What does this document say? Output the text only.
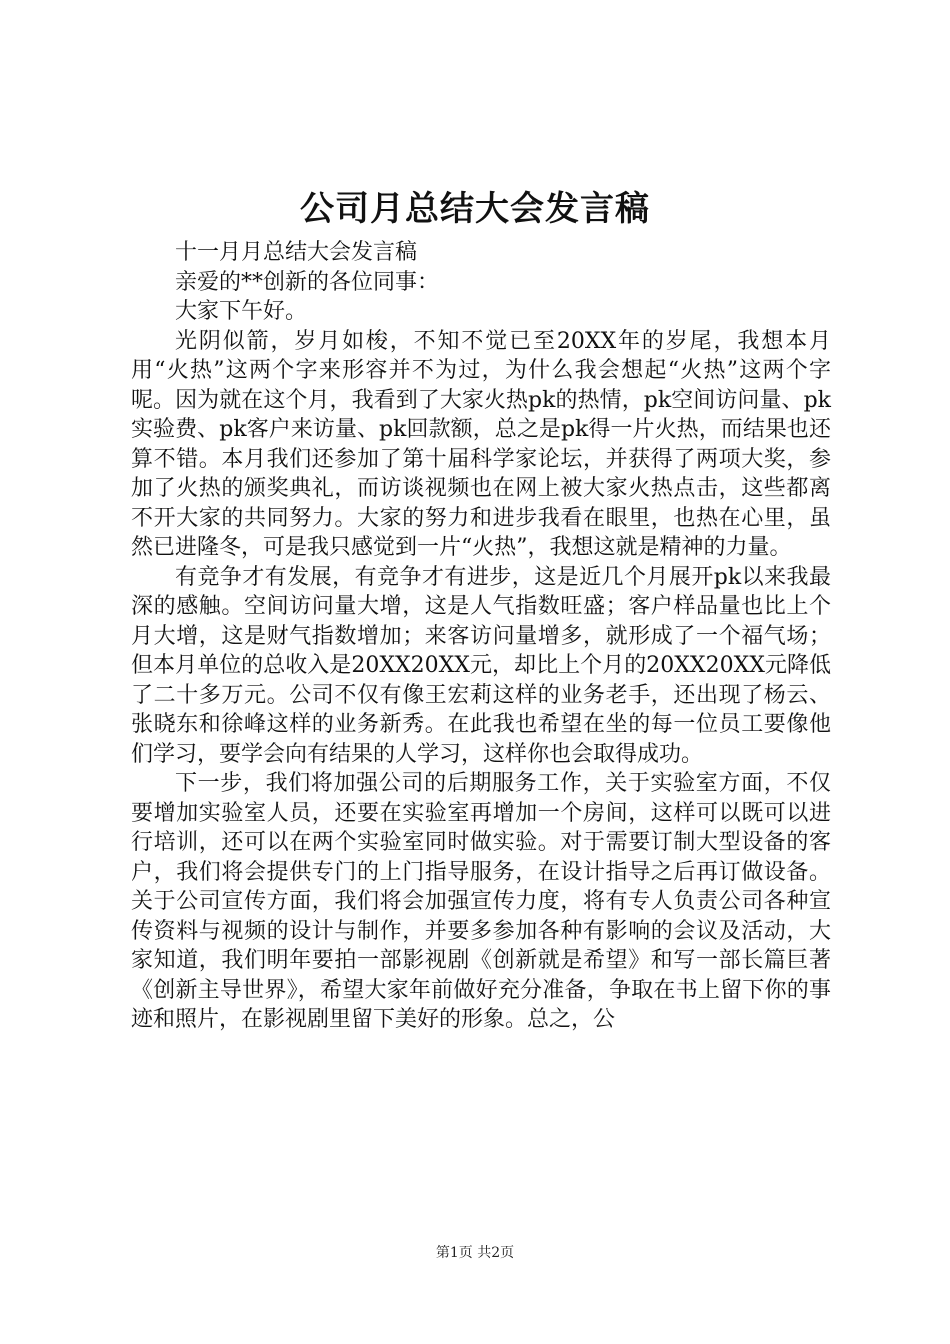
公司月总结大会发言稿

十一月月总结大会发言稿

亲爱的**创新的各位同事：

大家下午好。

光阴似箭，岁月如梭，不知不觉已至20XX年的岁尾，我想本月用“火热”这两个字来形容并不为过，为什么我会想起“火热”这两个字呢。因为就在这个月，我看到了大家火热pk的热情，pk空间访问量、pk实验费、pk客户来访量、pk回款额，总之是pk得一片火热，而结果也还算不错。本月我们还参加了第十届科学家论坛，并获得了两项大奖，参加了火热的颁奖典礼，而访谈视频也在网上被大家火热点击，这些都离不开大家的共同努力。大家的努力和进步我看在眼里，也热在心里，虽然已进隆冬，可是我只感觉到一片“火热”，我想这就是精神的力量。

有竞争才有发展，有竞争才有进步，这是近几个月展开pk以来我最深的感触。空间访问量大增，这是人气指数旺盛；客户样品量也比上个月大增，这是财气指数增加；来客访问量增多，就形成了一个福气场；但本月单位的总收入是20XX20XX元，却比上个月的20XX20XX元降低了二十多万元。公司不仅有像王宏莉这样的业务老手，还出现了杨云、张晓东和徐峰这样的业务新秀。在此我也希望在坐的每一位员工要像他们学习，要学会向有结果的人学习，这样你也会取得成功。

下一步，我们将加强公司的后期服务工作，关于实验室方面，不仅要增加实验室人员，还要在实验室再增加一个房间，这样可以既可以进行培训，还可以在两个实验室同时做实验。对于需要订制大型设备的客户，我们将会提供专门的上门指导服务，在设计指导之后再订做设备。关于公司宣传方面，我们将会加强宣传力度，将有专人负责公司各种宣传资料与视频的设计与制作，并要多参加各种有影响的会议及活动，大家知道，我们明年要拍一部影视剧《创新就是希望》和写一部长篇巨著《创新主导世界》，希望大家年前做好充分准备，争取在书上留下你的事迹和照片，在影视剧里留下美好的形象。总之，公

第1页 共2页
